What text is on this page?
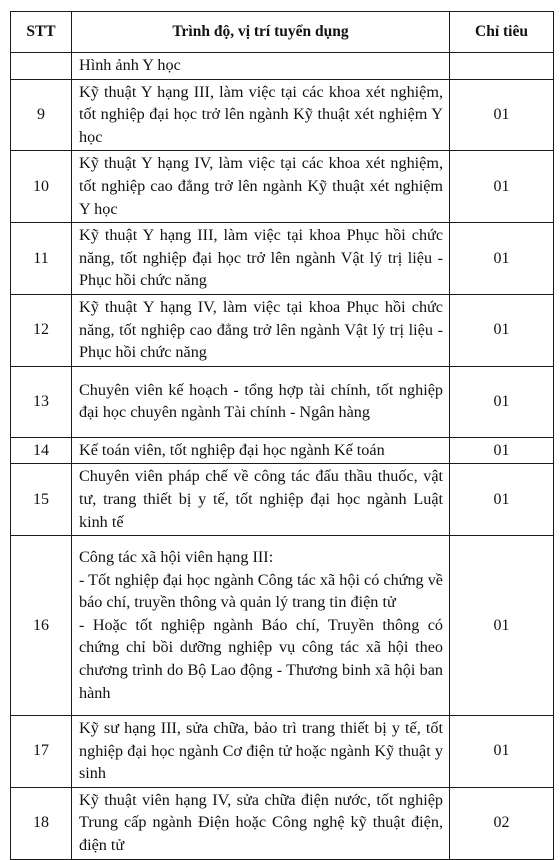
STT	Trình độ, vị trí tuyển dụng	Chỉ tiêu
	Hình ảnh Y học	
9	Kỹ thuật Y hạng III, làm việc tại các khoa xét nghiệm, tốt nghiệp đại học trở lên ngành Kỹ thuật xét nghiệm Y học	01
10	Kỹ thuật Y hạng IV, làm việc tại các khoa xét nghiệm, tốt nghiệp cao đẳng trở lên ngành Kỹ thuật xét nghiệm Y học	01
11	Kỹ thuật Y hạng III, làm việc tại khoa Phục hồi chức năng, tốt nghiệp đại học trở lên ngành Vật lý trị liệu - Phục hồi chức năng	01
12	Kỹ thuật Y hạng IV, làm việc tại khoa Phục hồi chức năng, tốt nghiệp cao đẳng trở lên ngành Vật lý trị liệu - Phục hồi chức năng	01
13	Chuyên viên kế hoạch - tổng hợp tài chính, tốt nghiệp đại học chuyên ngành Tài chính - Ngân hàng	01
14	Kế toán viên, tốt nghiệp đại học ngành Kế toán	01
15	Chuyên viên pháp chế về công tác đấu thầu thuốc, vật tư, trang thiết bị y tế, tốt nghiệp đại học ngành Luật kinh tế	01
16	Công tác xã hội viên hạng III:
- Tốt nghiệp đại học ngành Công tác xã hội có chứng về báo chí, truyền thông và quản lý trang tin điện tử
- Hoặc tốt nghiệp ngành Báo chí, Truyền thông có chứng chỉ bồi dưỡng nghiệp vụ công tác xã hội theo chương trình do Bộ Lao động - Thương binh xã hội ban hành	01
17	Kỹ sư hạng III, sửa chữa, bảo trì trang thiết bị y tế, tốt nghiệp đại học ngành Cơ điện tử hoặc ngành Kỹ thuật y sinh	01
18	Kỹ thuật viên hạng IV, sửa chữa điện nước, tốt nghiệp Trung cấp ngành Điện hoặc Công nghệ kỹ thuật điện, điện tử	02
